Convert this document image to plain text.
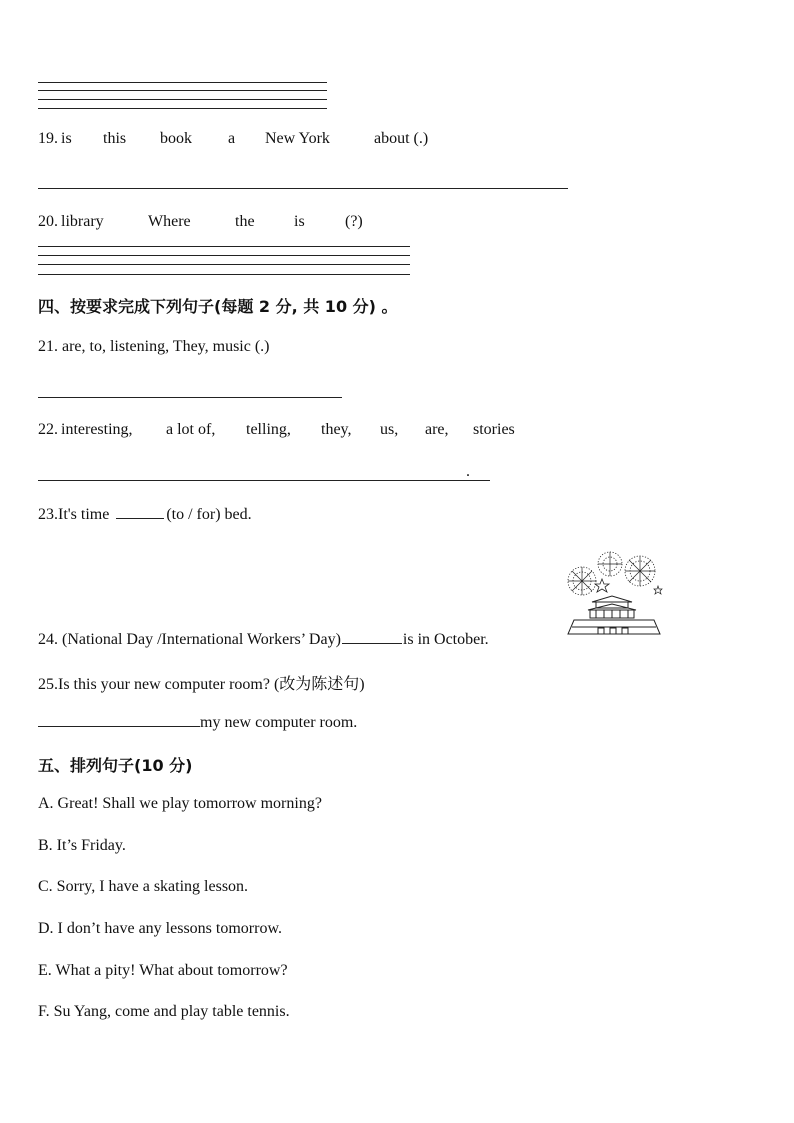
19. is this book a New York	about (.)
20. library	Where	the is	(?)
四、按要求完成下列句子(每题 2 分, 共 10 分) 。
21. are, to, listening, They, music (.)
22. interesting, a lot of, telling, they, us, are, stories
.
23.It's time	(to / for) bed.
24. (National Day /International Workers’ Day)	is in October.
25.Is this your new computer room? (改为陈述句)
my new computer room.
五、排列句子(10 分)
A. Great! Shall we play tomorrow morning?
B. It’s Friday.
C. Sorry, I have a skating lesson.
D. I don’t have any lessons tomorrow.
E. What a pity! What about tomorrow?
F. Su Yang, come and play table tennis.
